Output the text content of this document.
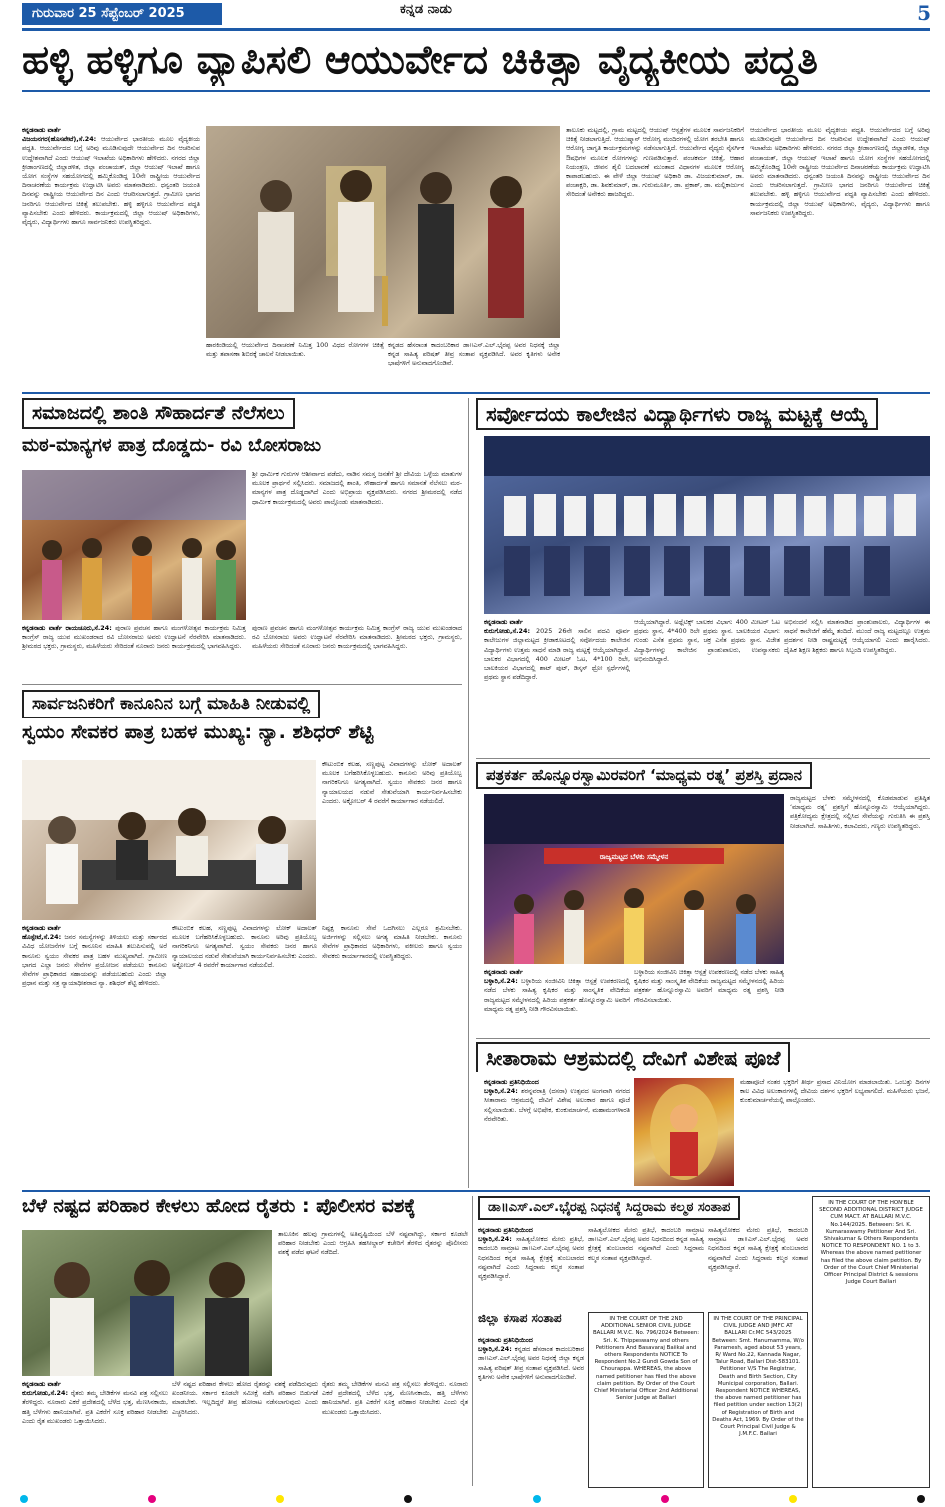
ಗುರುವಾರ 25 ಸೆಪ್ಟೆಂಬರ್ 2025	ಕನ್ನಡ ನಾಡು	5
ಹಳ್ಳಿ ಹಳ್ಳಿಗೂ ವ್ಯಾಪಿಸಲಿ ಆಯುರ್ವೇದ ಚಿಕಿತ್ಸಾ ವೈದ್ಯಕೀಯ ಪದ್ಧತಿ
ಕನ್ನಡನಾಡು ವಾರ್ತೆ
ವಿಜಯನಗರ(ಹೊಸಪೇಟೆ),ಸೆ.24: ಆಯುರ್ವೇದ ಭಾರತೀಯ ಮೂಲ ವೈದ್ಯಕೀಯ ಪದ್ಧತಿ. ಆಯುರ್ವೇದದ ಬಗ್ಗೆ ಅರಿವು ಮೂಡಿಸುವುದೇ ಆಯುರ್ವೇದ ದಿನ ಆಚರಿಸುವ ಉದ್ದೇಶವಾಗಿದೆ ಎಂದು ಆಯುಷ್ ಇಲಾಖೆಯ ಅಧಿಕಾರಿಗಳು ಹೇಳಿದರು. ನಗರದ ಜಿಲ್ಲಾ ಕ್ರೀಡಾಂಗಣದಲ್ಲಿ ಜಿಲ್ಲಾಡಳಿತ, ಜಿಲ್ಲಾ ಪಂಚಾಯತ್, ಜಿಲ್ಲಾ ಆಯುಷ್ ಇಲಾಖೆ ಹಾಗೂ ಯೋಗ ಸಂಸ್ಥೆಗಳ ಸಹಯೋಗದಲ್ಲಿ ಹಮ್ಮಿಕೊಂಡಿದ್ದ 10ನೇ ರಾಷ್ಟ್ರೀಯ ಆಯುರ್ವೇದ ದಿನಾಚರಣೆಯ ಕಾರ್ಯಕ್ರಮ ಉದ್ಘಾಟಿಸಿ ಅವರು ಮಾತನಾಡಿದರು. ಧನ್ವಂತರಿ ಜಯಂತಿ ದಿನವನ್ನು ರಾಷ್ಟ್ರೀಯ ಆಯುರ್ವೇದ ದಿನ ಎಂದು ಆಚರಿಸಲಾಗುತ್ತದೆ. ಗ್ರಾಮೀಣ ಭಾಗದ ಜನರಿಗೂ ಆಯುರ್ವೇದ ಚಿಕಿತ್ಸೆ ತಲುಪಬೇಕು. ಹಳ್ಳಿ ಹಳ್ಳಿಗೂ ಆಯುರ್ವೇದ ಪದ್ಧತಿ ವ್ಯಾಪಿಸಬೇಕು ಎಂದು ಹೇಳಿದರು. ಕಾರ್ಯಕ್ರಮದಲ್ಲಿ ಜಿಲ್ಲಾ ಆಯುಷ್ ಅಧಿಕಾರಿಗಳು, ವೈದ್ಯರು, ವಿದ್ಯಾರ್ಥಿಗಳು ಹಾಗೂ ಸಾರ್ವಜನಿಕರು ಉಪಸ್ಥಿತರಿದ್ದರು.
ಹಾರಕಿಂಡಿಯಲ್ಲಿ ಆಯುರ್ವೇದ ದಿನಾಚರಣೆ ನಿಮಿತ್ತ 100 ವಿಧದ ರೋಗಗಳ ಚಿಕಿತ್ಸೆ ಮತ್ತು ತಪಾಸಣಾ ಶಿಬಿರಕ್ಕೆ ಚಾಲನೆ ನೀಡಲಾಯಿತು.
ಕನ್ನಡದ ಹೆಸರಾಂತ ಕಾದಂಬರಿಕಾರ ಡಾ॥ಎಸ್.ಎಲ್.ಭೈರಪ್ಪ ಅವರ ನಿಧನಕ್ಕೆ ಜಿಲ್ಲಾ ಕನ್ನಡ ಸಾಹಿತ್ಯ ಪರಿಷತ್ ತೀವ್ರ ಸಂತಾಪ ವ್ಯಕ್ತಪಡಿಸಿದೆ. ಅವರ ಕೃತಿಗಳು ಅನೇಕ ಭಾಷೆಗಳಿಗೆ ಅನುವಾದಗೊಂಡಿವೆ.
ತಾಲೂಕು ಮಟ್ಟದಲ್ಲಿ, ಗ್ರಾಮ ಮಟ್ಟದಲ್ಲಿ ಆಯುಷ್ ಆಸ್ಪತ್ರೆಗಳ ಮೂಲಕ ಸಾರ್ವಜನಿಕರಿಗೆ ಚಿಕಿತ್ಸೆ ನೀಡಲಾಗುತ್ತಿದೆ. ಆಯುಷ್ಮಾನ್ ಆರೋಗ್ಯ ಮಂದಿರಗಳಲ್ಲಿ ಯೋಗ ತರಬೇತಿ ಹಾಗೂ ಆರೋಗ್ಯ ಜಾಗೃತಿ ಕಾರ್ಯಕ್ರಮಗಳನ್ನು ನಡೆಸಲಾಗುತ್ತಿದೆ. ಆಯುರ್ವೇದ ವೈದ್ಯರು ನೈಸರ್ಗಿಕ ಔಷಧಿಗಳ ಮೂಲಕ ರೋಗಗಳನ್ನು ಗುಣಪಡಿಸುತ್ತಾರೆ. ಪಂಚಕರ್ಮ ಚಿಕಿತ್ಸೆ, ಆಹಾರ ನಿಯಂತ್ರಣ, ಜೀವನ ಶೈಲಿ ಬದಲಾವಣೆ ಮುಂತಾದ ವಿಧಾನಗಳ ಮೂಲಕ ಆರೋಗ್ಯ ಕಾಪಾಡಬಹುದು. ಈ ವೇಳೆ ಜಿಲ್ಲಾ ಆಯುಷ್ ಅಧಿಕಾರಿ ಡಾ. ವಿಜಯಕುಮಾರ್, ಡಾ. ಪಂಚಾಕ್ಷರಿ, ಡಾ. ಶಿವಕುಮಾರ್, ಡಾ. ಗುರುಮೂರ್ತಿ, ಡಾ. ಪ್ರಕಾಶ್, ಡಾ. ಮಲ್ಲಿಕಾರ್ಜುನ ಸೇರಿದಂತೆ ಅನೇಕರು ಹಾಜರಿದ್ದರು.
ಆಯುರ್ವೇದ ಭಾರತೀಯ ಮೂಲ ವೈದ್ಯಕೀಯ ಪದ್ಧತಿ. ಆಯುರ್ವೇದದ ಬಗ್ಗೆ ಅರಿವು ಮೂಡಿಸುವುದೇ ಆಯುರ್ವೇದ ದಿನ ಆಚರಿಸುವ ಉದ್ದೇಶವಾಗಿದೆ ಎಂದು ಆಯುಷ್ ಇಲಾಖೆಯ ಅಧಿಕಾರಿಗಳು ಹೇಳಿದರು. ನಗರದ ಜಿಲ್ಲಾ ಕ್ರೀಡಾಂಗಣದಲ್ಲಿ ಜಿಲ್ಲಾಡಳಿತ, ಜಿಲ್ಲಾ ಪಂಚಾಯತ್, ಜಿಲ್ಲಾ ಆಯುಷ್ ಇಲಾಖೆ ಹಾಗೂ ಯೋಗ ಸಂಸ್ಥೆಗಳ ಸಹಯೋಗದಲ್ಲಿ ಹಮ್ಮಿಕೊಂಡಿದ್ದ 10ನೇ ರಾಷ್ಟ್ರೀಯ ಆಯುರ್ವೇದ ದಿನಾಚರಣೆಯ ಕಾರ್ಯಕ್ರಮ ಉದ್ಘಾಟಿಸಿ ಅವರು ಮಾತನಾಡಿದರು. ಧನ್ವಂತರಿ ಜಯಂತಿ ದಿನವನ್ನು ರಾಷ್ಟ್ರೀಯ ಆಯುರ್ವೇದ ದಿನ ಎಂದು ಆಚರಿಸಲಾಗುತ್ತದೆ. ಗ್ರಾಮೀಣ ಭಾಗದ ಜನರಿಗೂ ಆಯುರ್ವೇದ ಚಿಕಿತ್ಸೆ ತಲುಪಬೇಕು. ಹಳ್ಳಿ ಹಳ್ಳಿಗೂ ಆಯುರ್ವೇದ ಪದ್ಧತಿ ವ್ಯಾಪಿಸಬೇಕು ಎಂದು ಹೇಳಿದರು. ಕಾರ್ಯಕ್ರಮದಲ್ಲಿ ಜಿಲ್ಲಾ ಆಯುಷ್ ಅಧಿಕಾರಿಗಳು, ವೈದ್ಯರು, ವಿದ್ಯಾರ್ಥಿಗಳು ಹಾಗೂ ಸಾರ್ವಜನಿಕರು ಉಪಸ್ಥಿತರಿದ್ದರು.
ಸಮಾಜದಲ್ಲಿ ಶಾಂತಿ ಸೌಹಾರ್ದತೆ ನೆಲೆಸಲು
ಮಠ-ಮಾನ್ಯಗಳ ಪಾತ್ರ ದೊಡ್ಡದು- ರವಿ ಬೋಸರಾಜು
ಶ್ರೀ ಧಾರ್ಮಿಕ ಗುರುಗಳ ಆಶೀರ್ವಾದ ಪಡೆದು, ನಾಡಿನ ಸಮಸ್ತ ಜನತೆಗೆ ಶ್ರೀ ದೇವಿಯ ಒಳ್ಳೆಯ ಮಾತುಗಳ ಮೂಲಕ ಪ್ರಾರ್ಥನೆ ಸಲ್ಲಿಸಿದರು. ಸಮಾಜದಲ್ಲಿ ಶಾಂತಿ, ಸೌಹಾರ್ದತೆ ಹಾಗೂ ಸಮಾನತೆ ನೆಲೆಸಲು ಮಠ-ಮಾನ್ಯಗಳ ಪಾತ್ರ ದೊಡ್ಡದಾಗಿದೆ ಎಂದು ಅಭಿಪ್ರಾಯ ವ್ಯಕ್ತಪಡಿಸಿದರು. ನಗರದ ಶ್ರೀಮಠದಲ್ಲಿ ನಡೆದ ಧಾರ್ಮಿಕ ಕಾರ್ಯಕ್ರಮದಲ್ಲಿ ಅವರು ಪಾಲ್ಗೊಂಡು ಮಾತನಾಡಿದರು.
ಕನ್ನಡನಾಡು ವಾರ್ತೆ ರಾಯಚೂರು,ಸೆ.24: ಪುರಾಣ ಪ್ರವಚನ ಹಾಗೂ ಮಂಗಳೋತ್ಸವ ಕಾರ್ಯಕ್ರಮ ನಿಮಿತ್ತ ಕಾಂಗ್ರೆಸ್ ರಾಜ್ಯ ಯುವ ಮುಖಂಡರಾದ ರವಿ ಬೋಸರಾಜು ಅವರು ಉದ್ಘಾಟನೆ ನೆರವೇರಿಸಿ ಮಾತನಾಡಿದರು. ಶ್ರೀಮಠದ ಭಕ್ತರು, ಗ್ರಾಮಸ್ಥರು, ಮಹಿಳೆಯರು ಸೇರಿದಂತೆ ನೂರಾರು ಜನರು ಕಾರ್ಯಕ್ರಮದಲ್ಲಿ ಭಾಗವಹಿಸಿದ್ದರು.
ಪುರಾಣ ಪ್ರವಚನ ಹಾಗೂ ಮಂಗಳೋತ್ಸವ ಕಾರ್ಯಕ್ರಮ ನಿಮಿತ್ತ ಕಾಂಗ್ರೆಸ್ ರಾಜ್ಯ ಯುವ ಮುಖಂಡರಾದ ರವಿ ಬೋಸರಾಜು ಅವರು ಉದ್ಘಾಟನೆ ನೆರವೇರಿಸಿ ಮಾತನಾಡಿದರು. ಶ್ರೀಮಠದ ಭಕ್ತರು, ಗ್ರಾಮಸ್ಥರು, ಮಹಿಳೆಯರು ಸೇರಿದಂತೆ ನೂರಾರು ಜನರು ಕಾರ್ಯಕ್ರಮದಲ್ಲಿ ಭಾಗವಹಿಸಿದ್ದರು.
ಸಾರ್ವಜನಿಕರಿಗೆ ಕಾನೂನಿನ ಬಗ್ಗೆ ಮಾಹಿತಿ ನೀಡುವಲ್ಲಿ
ಸ್ವಯಂ ಸೇವಕರ ಪಾತ್ರ ಬಹಳ ಮುಖ್ಯ: ನ್ಯಾ. ಶಶಿಧರ್ ಶೆಟ್ಟಿ
ಕೌಟುಂಬಿಕ ಕಲಹ, ಸಣ್ಣಪುಟ್ಟ ವಿವಾದಗಳನ್ನು ಲೋಕ್ ಅದಾಲತ್ ಮೂಲಕ ಬಗೆಹರಿಸಿಕೊಳ್ಳಬಹುದು. ಕಾನೂನು ಅರಿವು ಪ್ರತಿಯೊಬ್ಬ ನಾಗರಿಕನಿಗೂ ಅಗತ್ಯವಾಗಿದೆ. ಸ್ವಯಂ ಸೇವಕರು ಜನರ ಹಾಗೂ ನ್ಯಾಯಾಲಯದ ನಡುವೆ ಸೇತುವೆಯಾಗಿ ಕಾರ್ಯನಿರ್ವಹಿಸಬೇಕು ಎಂದರು. ಅಕ್ಟೋಬರ್ 4 ರವರೆಗೆ ಕಾರ್ಯಾಗಾರ ನಡೆಯಲಿದೆ.
ಕನ್ನಡನಾಡು ವಾರ್ತೆ
ಹೊಸ್ಪೇಟೆ,ಸೆ.24: ಜನರ ಸಮಸ್ಯೆಗಳನ್ನು ತಿಳಿಯಲು ಮತ್ತು ಸರ್ಕಾರದ ವಿವಿಧ ಯೋಜನೆಗಳ ಬಗ್ಗೆ ಕಾನೂನಿನ ಮಾಹಿತಿ ತಲುಪಿಸುವಲ್ಲಿ ಅರೆ ಕಾನೂನು ಸ್ವಯಂ ಸೇವಕರ ಪಾತ್ರ ಬಹಳ ಮುಖ್ಯವಾಗಿದೆ. ಗ್ರಾಮೀಣ ಭಾಗದ ಎಲ್ಲಾ ಜನರು ಸೇವೆಗಳ ಪ್ರಯೋಜನ ಪಡೆಯಲು ಕಾನೂನು ಸೇವೆಗಳ ಪ್ರಾಧಿಕಾರದ ಸಹಾಯವನ್ನು ಪಡೆಯಬಹುದು ಎಂದು ಜಿಲ್ಲಾ ಪ್ರಧಾನ ಮತ್ತು ಸತ್ರ ನ್ಯಾಯಾಧೀಶರಾದ ನ್ಯಾ. ಶಶಿಧರ್ ಶೆಟ್ಟಿ ಹೇಳಿದರು.
ಕೌಟುಂಬಿಕ ಕಲಹ, ಸಣ್ಣಪುಟ್ಟ ವಿವಾದಗಳನ್ನು ಲೋಕ್ ಅದಾಲತ್ ಮೂಲಕ ಬಗೆಹರಿಸಿಕೊಳ್ಳಬಹುದು. ಕಾನೂನು ಅರಿವು ಪ್ರತಿಯೊಬ್ಬ ನಾಗರಿಕನಿಗೂ ಅಗತ್ಯವಾಗಿದೆ. ಸ್ವಯಂ ಸೇವಕರು ಜನರ ಹಾಗೂ ನ್ಯಾಯಾಲಯದ ನಡುವೆ ಸೇತುವೆಯಾಗಿ ಕಾರ್ಯನಿರ್ವಹಿಸಬೇಕು ಎಂದರು. ಅಕ್ಟೋಬರ್ 4 ರವರೆಗೆ ಕಾರ್ಯಾಗಾರ ನಡೆಯಲಿದೆ.
ನಿಷ್ಪಕ್ಷ ಕಾನೂನು ಸೇವೆ ಒದಗಿಸಲು ಎಲ್ಲರೂ ಶ್ರಮಿಸಬೇಕು. ಅರ್ಜಿಗಳನ್ನು ಸಲ್ಲಿಸಲು ಅಗತ್ಯ ಮಾಹಿತಿ ನೀಡಬೇಕು. ಕಾನೂನು ಸೇವೆಗಳ ಪ್ರಾಧಿಕಾರದ ಅಧಿಕಾರಿಗಳು, ವಕೀಲರು ಹಾಗೂ ಸ್ವಯಂ ಸೇವಕರು ಕಾರ್ಯಾಗಾರದಲ್ಲಿ ಉಪಸ್ಥಿತರಿದ್ದರು.
ಸರ್ವೋದಯ ಕಾಲೇಜಿನ ವಿದ್ಯಾರ್ಥಿಗಳು ರಾಜ್ಯ ಮಟ್ಟಕ್ಕೆ ಆಯ್ಕೆ
ಕನ್ನಡನಾಡು ವಾರ್ತೆ
ಕುರುಗೋಡು,ಸೆ.24: 2025 26ನೇ ಸಾಲಿನ ಪದವಿ ಪೂರ್ವ ಕಾಲೇಜುಗಳ ಜಿಲ್ಲಾಮಟ್ಟದ ಕ್ರೀಡಾಕೂಟದಲ್ಲಿ ಸರ್ವೋದಯ ಕಾಲೇಜಿನ ವಿದ್ಯಾರ್ಥಿಗಳು ಉತ್ತಮ ಸಾಧನೆ ಮಾಡಿ ರಾಜ್ಯ ಮಟ್ಟಕ್ಕೆ ಆಯ್ಕೆಯಾಗಿದ್ದಾರೆ. ಬಾಲಕರ ವಿಭಾಗದಲ್ಲಿ 400 ಮೀಟರ್ ಓಟ, 4*100 ರಿಲೇ, ಬಾಲಕಿಯರ ವಿಭಾಗದಲ್ಲಿ ಶಾಟ್ ಪುಟ್, ಡಿಸ್ಕಸ್ ಥ್ರೋ ಸ್ಪರ್ಧೆಗಳಲ್ಲಿ ಪ್ರಥಮ ಸ್ಥಾನ ಪಡೆದಿದ್ದಾರೆ.
ಆಯ್ಕೆಯಾಗಿದ್ದಾರೆ. ಅಥ್ಲೆಟಿಕ್ಸ್ ಬಾಲಕರ ವಿಭಾಗ: 400 ಮೀಟರ್ ಓಟ ಪ್ರಥಮ ಸ್ಥಾನ, 4*400 ರಿಲೇ ಪ್ರಥಮ ಸ್ಥಾನ. ಬಾಲಕಿಯರ ವಿಭಾಗ: ಗುಂಡು ಎಸೆತ ಪ್ರಥಮ ಸ್ಥಾನ, ಚಕ್ರ ಎಸೆತ ಪ್ರಥಮ ಸ್ಥಾನ. ವಿಜೇತ ವಿದ್ಯಾರ್ಥಿಗಳನ್ನು ಕಾಲೇಜಿನ ಪ್ರಾಂಶುಪಾಲರು, ಉಪನ್ಯಾಸಕರು ಅಭಿನಂದಿಸಿದ್ದಾರೆ.
ಅಭಿನಂದನೆ ಸಲ್ಲಿಸಿ ಮಾತನಾಡಿದ ಪ್ರಾಂಶುಪಾಲರು, ವಿದ್ಯಾರ್ಥಿಗಳ ಈ ಸಾಧನೆ ಕಾಲೇಜಿಗೆ ಹೆಮ್ಮೆ ತಂದಿದೆ. ಮುಂದೆ ರಾಜ್ಯ ಮಟ್ಟದಲ್ಲೂ ಉತ್ತಮ ಪ್ರದರ್ಶನ ನೀಡಿ ರಾಷ್ಟ್ರಮಟ್ಟಕ್ಕೆ ಆಯ್ಕೆಯಾಗಲಿ ಎಂದು ಹಾರೈಸಿದರು. ದೈಹಿಕ ಶಿಕ್ಷಣ ಶಿಕ್ಷಕರು ಹಾಗೂ ಸಿಬ್ಬಂದಿ ಉಪಸ್ಥಿತರಿದ್ದರು.
ಪತ್ರಕರ್ತ ಹೊನ್ನೂರಸ್ವಾಮಿರವರಿಗೆ ‘ಮಾಧ್ಯಮ ರತ್ನ’ ಪ್ರಶಸ್ತಿ ಪ್ರದಾನ
ರಾಜ್ಯಮಟ್ಟದ ಬೆಳಕು ಸಮ್ಮೇಳನ
ರಾಜ್ಯಮಟ್ಟದ ಬೆಳಕು ಸಮ್ಮೇಳನದಲ್ಲಿ ಕೊಡಮಾಡುವ ಪ್ರತಿಷ್ಠಿತ ‘ಮಾಧ್ಯಮ ರತ್ನ’ ಪ್ರಶಸ್ತಿಗೆ ಹೊನ್ನೂರಸ್ವಾಮಿ ಆಯ್ಕೆಯಾಗಿದ್ದರು. ಪತ್ರಿಕೋದ್ಯಮ ಕ್ಷೇತ್ರದಲ್ಲಿ ಸಲ್ಲಿಸಿದ ಸೇವೆಯನ್ನು ಗುರುತಿಸಿ ಈ ಪ್ರಶಸ್ತಿ ನೀಡಲಾಗಿದೆ. ಸಾಹಿತಿಗಳು, ಕಲಾವಿದರು, ಗಣ್ಯರು ಉಪಸ್ಥಿತರಿದ್ದರು.
ಕನ್ನಡನಾಡು ವಾರ್ತೆ
ಬಳ್ಳಾರಿ,ಸೆ.24: ಬಳ್ಳಾರಿಯ ಸಂಜೀವಿನಿ ಚಿಕಿತ್ಸಾ ಆಸ್ಪತ್ರೆ ಉಪಕರಣದಲ್ಲಿ ನಡೆದ ಬೆಳಕು ಸಾಹಿತ್ಯ ಕೃಷಿಕರ ಮತ್ತು ಸಾಂಸ್ಕೃತಿಕ ವೇದಿಕೆಯ ರಾಜ್ಯಮಟ್ಟದ ಸಮ್ಮೇಳನದಲ್ಲಿ ಹಿರಿಯ ಪತ್ರಕರ್ತ ಹೊನ್ನೂರಸ್ವಾಮಿ ಅವರಿಗೆ ಮಾಧ್ಯಮ ರತ್ನ ಪ್ರಶಸ್ತಿ ನೀಡಿ ಗೌರವಿಸಲಾಯಿತು.
ಬಳ್ಳಾರಿಯ ಸಂಜೀವಿನಿ ಚಿಕಿತ್ಸಾ ಆಸ್ಪತ್ರೆ ಉಪಕರಣದಲ್ಲಿ ನಡೆದ ಬೆಳಕು ಸಾಹಿತ್ಯ ಕೃಷಿಕರ ಮತ್ತು ಸಾಂಸ್ಕೃತಿಕ ವೇದಿಕೆಯ ರಾಜ್ಯಮಟ್ಟದ ಸಮ್ಮೇಳನದಲ್ಲಿ ಹಿರಿಯ ಪತ್ರಕರ್ತ ಹೊನ್ನೂರಸ್ವಾಮಿ ಅವರಿಗೆ ಮಾಧ್ಯಮ ರತ್ನ ಪ್ರಶಸ್ತಿ ನೀಡಿ ಗೌರವಿಸಲಾಯಿತು.
ಸೀತಾರಾಮ ಆಶ್ರಮದಲ್ಲಿ ದೇವಿಗೆ ವಿಶೇಷ ಪೂಜೆ
ಕನ್ನಡನಾಡು ಪ್ರತಿನಿಧಿಯಿಂದ
ಬಳ್ಳಾರಿ,ಸೆ.24: ಶರನ್ನವರಾತ್ರಿ (ದಸರಾ) ಉತ್ಸವದ ಅಂಗವಾಗಿ ನಗರದ ಸೀತಾರಾಮ ಆಶ್ರಮದಲ್ಲಿ ದೇವಿಗೆ ವಿಶೇಷ ಅಲಂಕಾರ ಹಾಗೂ ಪೂಜೆ ಸಲ್ಲಿಸಲಾಯಿತು. ಬೆಳಗ್ಗೆ ಅಭಿಷೇಕ, ಕುಂಕುಮಾರ್ಚನೆ, ಮಹಾಮಂಗಳಾರತಿ ನೆರವೇರಿತು.
ಮಹಾಪೂಜೆ ನಂತರ ಭಕ್ತರಿಗೆ ತೀರ್ಥ ಪ್ರಸಾದ ವಿನಿಯೋಗ ಮಾಡಲಾಯಿತು. ಒಂಬತ್ತು ದಿನಗಳ ಕಾಲ ವಿವಿಧ ಅಲಂಕಾರಗಳಲ್ಲಿ ದೇವಿಯ ದರ್ಶನ ಭಕ್ತರಿಗೆ ಲಭ್ಯವಾಗಲಿದೆ. ಮಹಿಳೆಯರು ಭಜನೆ, ಕುಂಕುಮಾರ್ಚನೆಯಲ್ಲಿ ಪಾಲ್ಗೊಂಡರು.
ಬೆಳೆ ನಷ್ಟದ ಪರಿಹಾರ ಕೇಳಲು ಹೋದ ರೈತರು : ಪೊಲೀಸರ ವಶಕ್ಕೆ
ತಾಲೂಕಿನ ಹಲವು ಗ್ರಾಮಗಳಲ್ಲಿ ಅತಿವೃಷ್ಟಿಯಿಂದ ಬೆಳೆ ನಷ್ಟವಾಗಿದ್ದು, ಸರ್ಕಾರ ಕೂಡಲೇ ಪರಿಹಾರ ನೀಡಬೇಕು ಎಂದು ಆಗ್ರಹಿಸಿ ತಹಸೀಲ್ದಾರ್ ಕಚೇರಿಗೆ ತೆರಳಿದ ರೈತರನ್ನು ಪೊಲೀಸರು ವಶಕ್ಕೆ ಪಡೆದ ಘಟನೆ ನಡೆದಿದೆ.
ಕನ್ನಡನಾಡು ವಾರ್ತೆ
ಕುರುಗೋಡು,ಸೆ.24: ರೈತರು ತಮ್ಮ ಬೇಡಿಕೆಗಳ ಮನವಿ ಪತ್ರ ಸಲ್ಲಿಸಲು ತೆರಳಿದ್ದರು. ನೂರಾರು ಎಕರೆ ಪ್ರದೇಶದಲ್ಲಿ ಬೆಳೆದ ಭತ್ತ, ಮೆಣಸಿನಕಾಯಿ, ಹತ್ತಿ ಬೆಳೆಗಳು ಹಾನಿಯಾಗಿವೆ. ಪ್ರತಿ ಎಕರೆಗೆ ಸೂಕ್ತ ಪರಿಹಾರ ನೀಡಬೇಕು ಎಂದು ರೈತ ಮುಖಂಡರು ಒತ್ತಾಯಿಸಿದರು.
ಬೆಳೆ ನಷ್ಟದ ಪರಿಹಾರ ಕೇಳಲು ಹೋದ ರೈತರನ್ನು ವಶಕ್ಕೆ ಪಡೆದಿರುವುದು ಖಂಡನೀಯ. ಸರ್ಕಾರ ಕೂಡಲೇ ಸಮೀಕ್ಷೆ ನಡೆಸಿ ಪರಿಹಾರ ಬಿಡುಗಡೆ ಮಾಡಬೇಕು. ಇಲ್ಲದಿದ್ದರೆ ತೀವ್ರ ಹೋರಾಟ ನಡೆಸಲಾಗುವುದು ಎಂದು ಎಚ್ಚರಿಸಿದರು.
ರೈತರು ತಮ್ಮ ಬೇಡಿಕೆಗಳ ಮನವಿ ಪತ್ರ ಸಲ್ಲಿಸಲು ತೆರಳಿದ್ದರು. ನೂರಾರು ಎಕರೆ ಪ್ರದೇಶದಲ್ಲಿ ಬೆಳೆದ ಭತ್ತ, ಮೆಣಸಿನಕಾಯಿ, ಹತ್ತಿ ಬೆಳೆಗಳು ಹಾನಿಯಾಗಿವೆ. ಪ್ರತಿ ಎಕರೆಗೆ ಸೂಕ್ತ ಪರಿಹಾರ ನೀಡಬೇಕು ಎಂದು ರೈತ ಮುಖಂಡರು ಒತ್ತಾಯಿಸಿದರು.
ಡಾ॥ಎಸ್.ಎಲ್.ಭೈರಪ್ಪ ನಿಧನಕ್ಕೆ ಸಿದ್ದರಾಮ ಕಲ್ಮಠ ಸಂತಾಪ
ಕನ್ನಡನಾಡು ಪ್ರತಿನಿಧಿಯಿಂದ
ಬಳ್ಳಾರಿ,ಸೆ.24: ಸಾಹಿತ್ಯಲೋಕದ ಮೇರು ಪ್ರತಿಭೆ, ಕಾದಂಬರಿ ಸಾಮ್ರಾಟ ಡಾ॥ಎಸ್.ಎಲ್.ಭೈರಪ್ಪ ಅವರ ನಿಧನದಿಂದ ಕನ್ನಡ ಸಾಹಿತ್ಯ ಕ್ಷೇತ್ರಕ್ಕೆ ತುಂಬಲಾರದ ನಷ್ಟವಾಗಿದೆ ಎಂದು ಸಿದ್ದರಾಮ ಕಲ್ಮಠ ಸಂತಾಪ ವ್ಯಕ್ತಪಡಿಸಿದ್ದಾರೆ.
ಸಾಹಿತ್ಯಲೋಕದ ಮೇರು ಪ್ರತಿಭೆ, ಕಾದಂಬರಿ ಸಾಮ್ರಾಟ ಡಾ॥ಎಸ್.ಎಲ್.ಭೈರಪ್ಪ ಅವರ ನಿಧನದಿಂದ ಕನ್ನಡ ಸಾಹಿತ್ಯ ಕ್ಷೇತ್ರಕ್ಕೆ ತುಂಬಲಾರದ ನಷ್ಟವಾಗಿದೆ ಎಂದು ಸಿದ್ದರಾಮ ಕಲ್ಮಠ ಸಂತಾಪ ವ್ಯಕ್ತಪಡಿಸಿದ್ದಾರೆ.
ಸಾಹಿತ್ಯಲೋಕದ ಮೇರು ಪ್ರತಿಭೆ, ಕಾದಂಬರಿ ಸಾಮ್ರಾಟ ಡಾ॥ಎಸ್.ಎಲ್.ಭೈರಪ್ಪ ಅವರ ನಿಧನದಿಂದ ಕನ್ನಡ ಸಾಹಿತ್ಯ ಕ್ಷೇತ್ರಕ್ಕೆ ತುಂಬಲಾರದ ನಷ್ಟವಾಗಿದೆ ಎಂದು ಸಿದ್ದರಾಮ ಕಲ್ಮಠ ಸಂತಾಪ ವ್ಯಕ್ತಪಡಿಸಿದ್ದಾರೆ.
IN THE COURT OF THE 2ND ADDITIONAL SENIOR CIVIL JUDGE BALLARI M.V.C. No. 796/2024 Between: Sri. K. Thippeswamy and others Petitioners And Basavaraj Baiikal and others Respondents NOTICE To Respondent No.2 Gundi Gowda Son of Chourappa. WHEREAS, the above named petitioner has filed the above claim petition. By Order of the Court Chief Ministerial Officer 2nd Additional Senior Judge at Ballari
IN THE COURT OF THE HON'BLE SECOND ADDITIONAL DISTRICT JUDGE CUM MACT. AT BALLARI M.V.C. No.144/2025. Between: Sri. K. Kumaraswamy Petitioner And Sri. Shivakumar & Others Respondents NOTICE TO RESPONDENT NO. 1 to 3. Whereas the above named petitioner has filed the above claim petition. By Order of the Court Chief Ministerial Officer Principal District & sessions Judge Court Ballari
IN THE COURT OF THE PRINCIPAL CIVIL JUDGE AND JMFC AT BALLARI Cr.MC 543/2025 Between: Smt. Hanumamma, W/o Paramesh, aged about 53 years, R/ Ward No.22, Kannada Nagar, Talur Road, Ballari Dist-583101. Petitioner V/S The Registrar, Death and Birth Section, City Municipal corporation, Ballari. Respondent NOTICE WHEREAS, the above named petitioner has filed petition under section 13(2) of Registration of Birth and Deaths Act, 1969. By Order of the Court Principal Civil Judge & J.M.F.C. Ballari
ಜಿಲ್ಲಾ ಕಸಾಪ ಸಂತಾಪ
ಕನ್ನಡನಾಡು ಪ್ರತಿನಿಧಿಯಿಂದ
ಬಳ್ಳಾರಿ,ಸೆ.24: ಕನ್ನಡದ ಹೆಸರಾಂತ ಕಾದಂಬರಿಕಾರ ಡಾ॥ಎಸ್.ಎಲ್.ಭೈರಪ್ಪ ಅವರ ನಿಧನಕ್ಕೆ ಜಿಲ್ಲಾ ಕನ್ನಡ ಸಾಹಿತ್ಯ ಪರಿಷತ್ ತೀವ್ರ ಸಂತಾಪ ವ್ಯಕ್ತಪಡಿಸಿದೆ. ಅವರ ಕೃತಿಗಳು ಅನೇಕ ಭಾಷೆಗಳಿಗೆ ಅನುವಾದಗೊಂಡಿವೆ.
